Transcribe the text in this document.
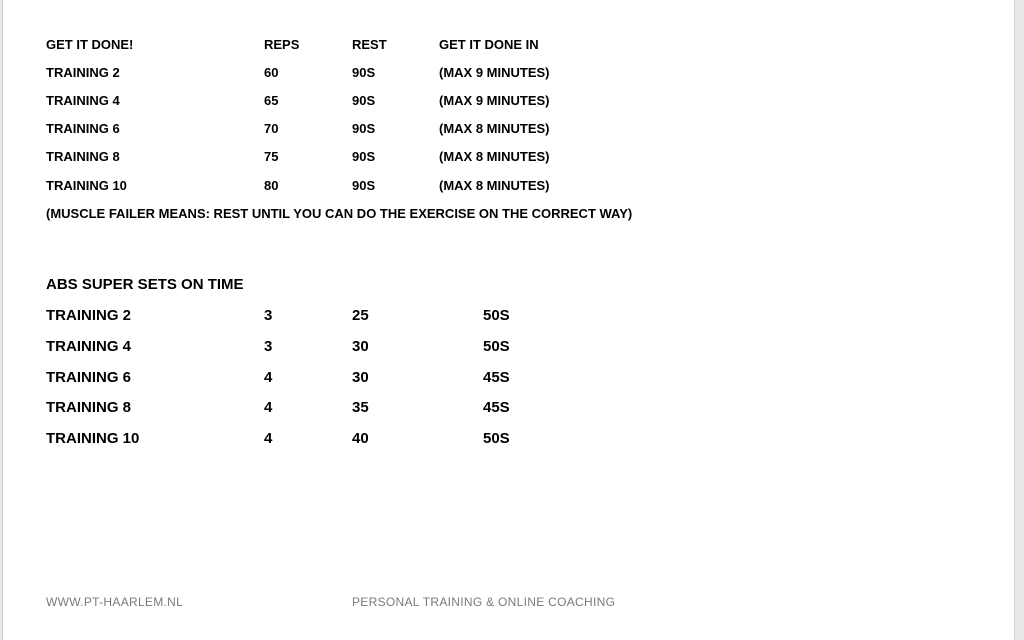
GET IT DONE!	REPS	REST	GET IT DONE IN
TRAINING 2	60	90S	(MAX 9 MINUTES)
TRAINING 4	65	90S	(MAX 9 MINUTES)
TRAINING 6	70	90S	(MAX 8 MINUTES)
TRAINING 8	75	90S	(MAX 8 MINUTES)
TRAINING 10	80	90S	(MAX 8 MINUTES)
(MUSCLE FAILER MEANS: REST UNTIL YOU CAN DO THE EXERCISE ON THE CORRECT WAY)
ABS SUPER SETS ON TIME
TRAINING 2	3	25	50S
TRAINING 4	3	30	50S
TRAINING 6	4	30	45S
TRAINING 8	4	35	45S
TRAINING 10	4	40	50S
WWW.PT-HAARLEM.NL	PERSONAL TRAINING & ONLINE COACHING
